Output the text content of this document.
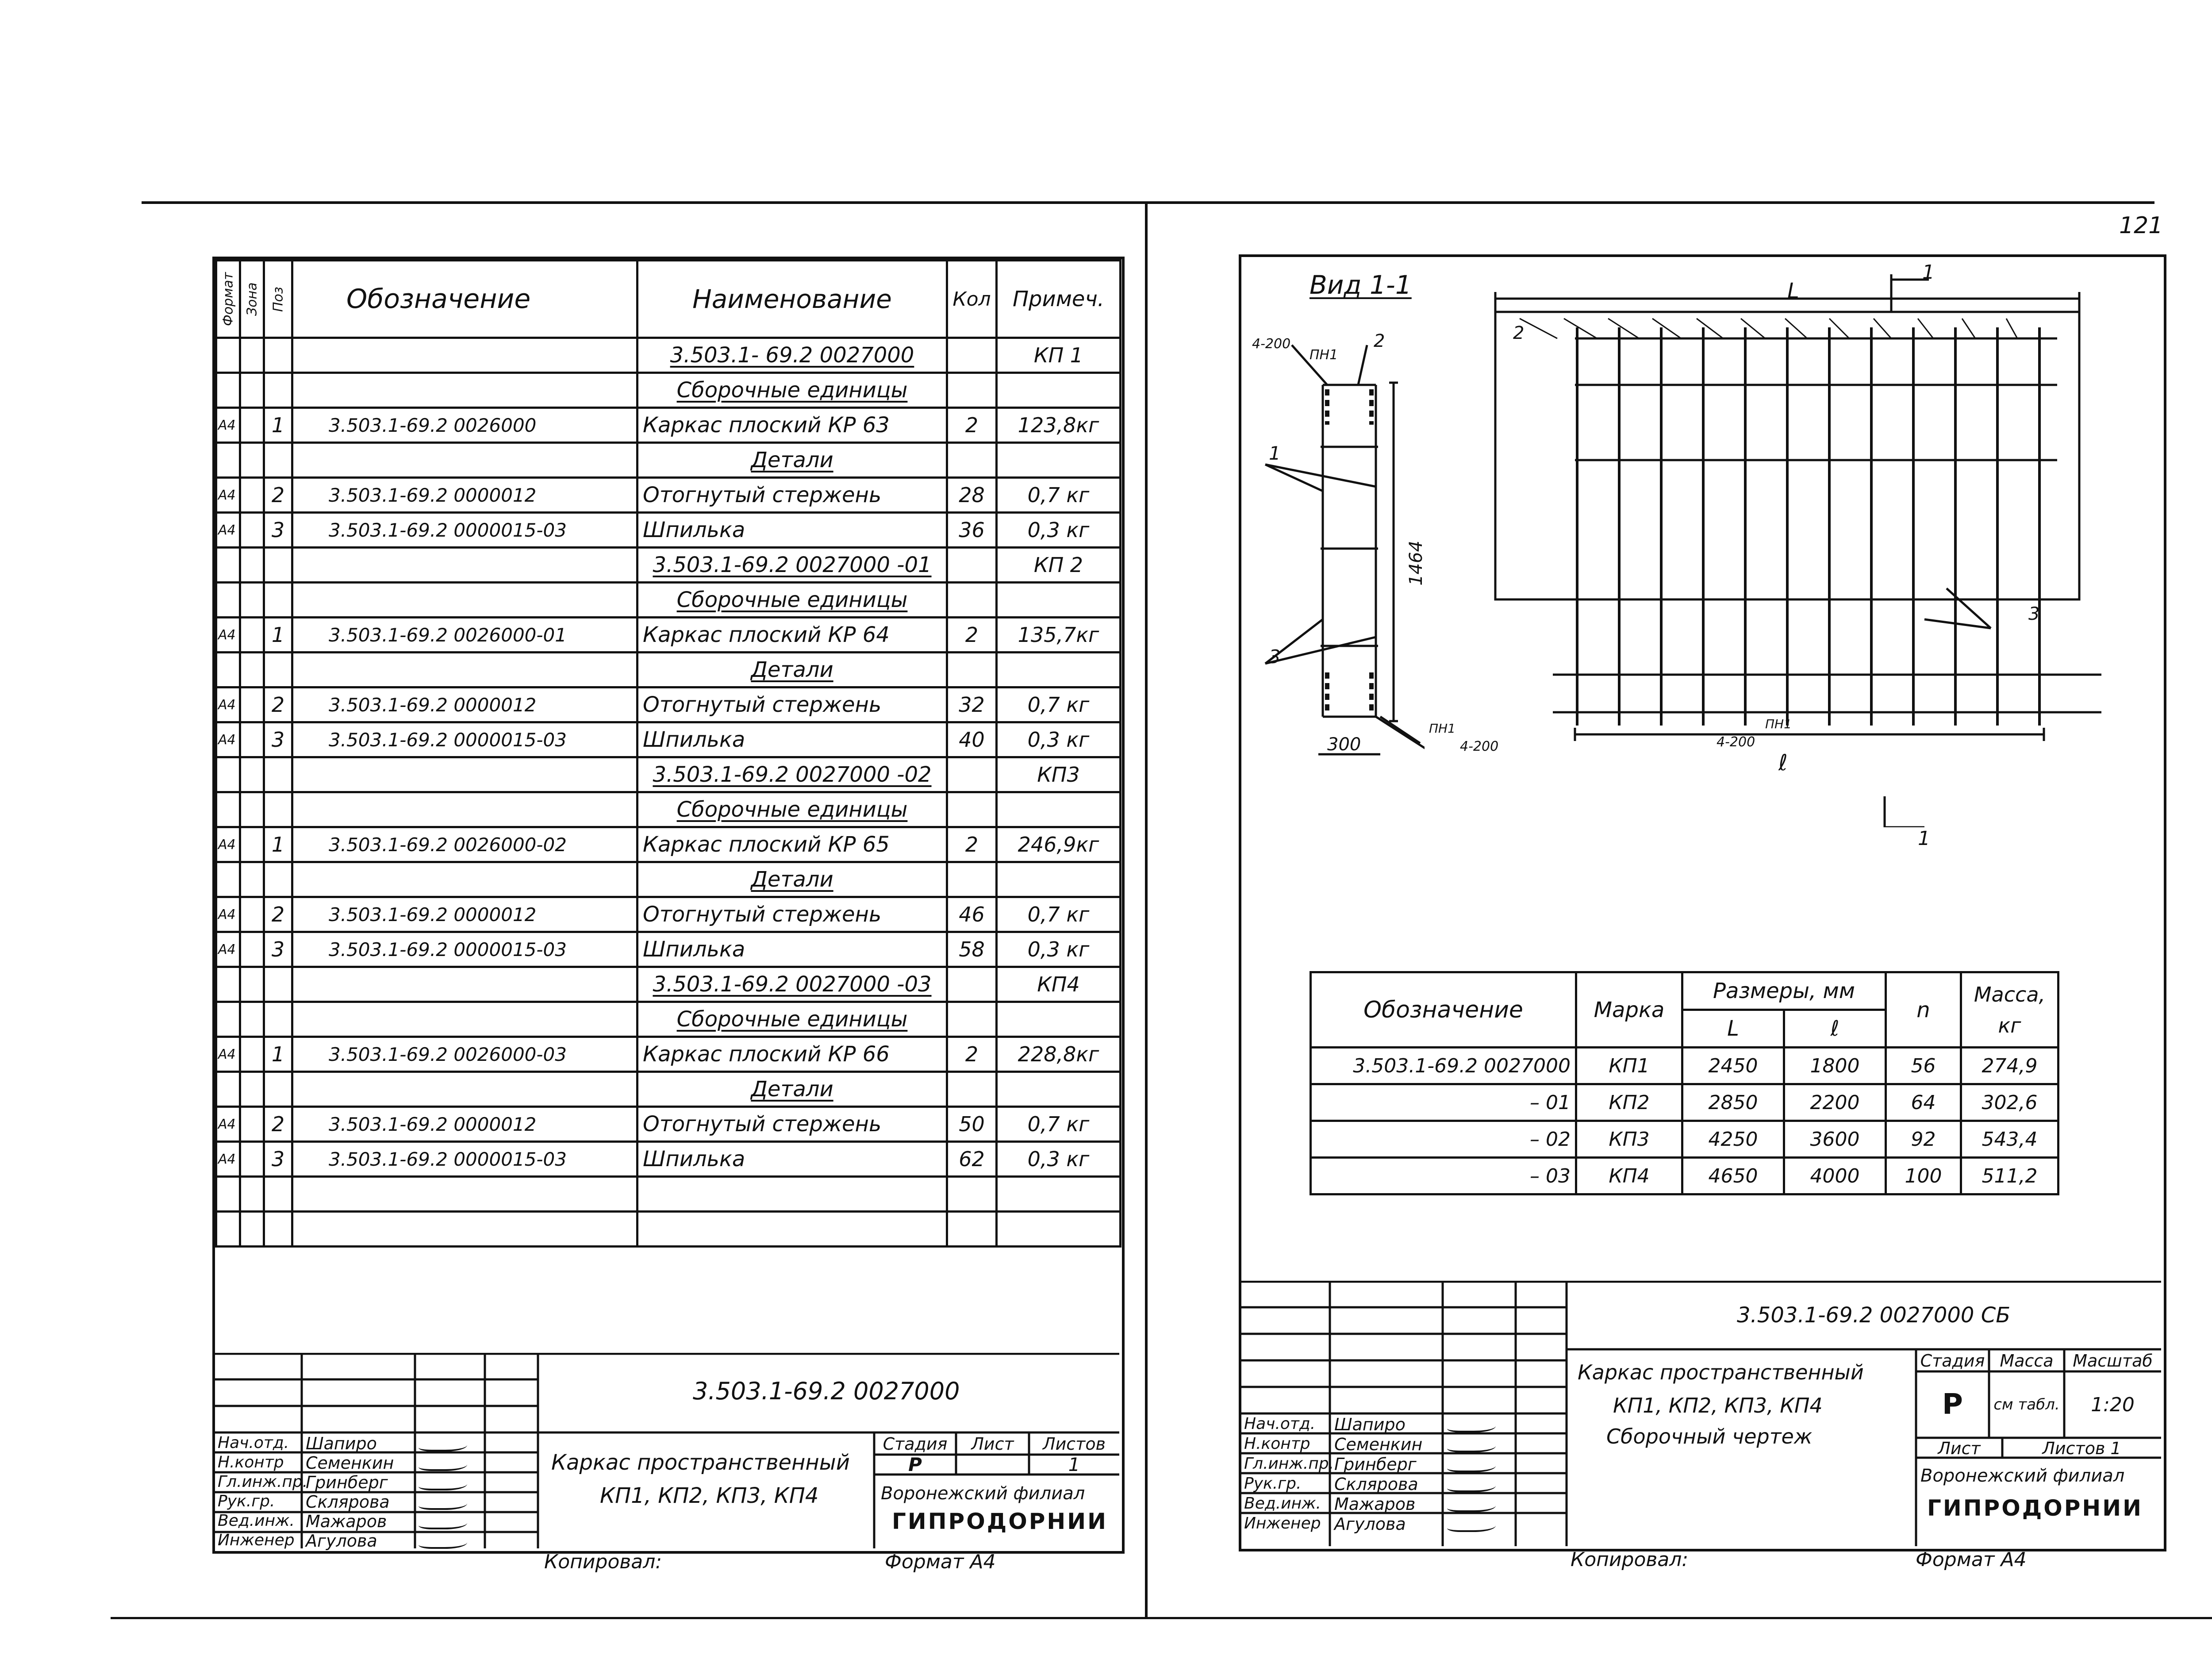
121
Формат	Зона	Поз	Обозначение	Наименование	Кол	Примеч.
				3.503.1- 69.2 0027000		КП 1
				Сборочные единицы		
А4		1	3.503.1-69.2 0026000	Каркас плоский КР 63	2	123,8кг
				Детали		
А4		2	3.503.1-69.2 0000012	Отогнутый стержень	28	0,7 кг
А4		3	3.503.1-69.2 0000015-03	Шпилька	36	0,3 кг
				3.503.1-69.2 0027000 -01		КП 2
				Сборочные единицы		
А4		1	3.503.1-69.2 0026000-01	Каркас плоский КР 64	2	135,7кг
				Детали		
А4		2	3.503.1-69.2 0000012	Отогнутый стержень	32	0,7 кг
А4		3	3.503.1-69.2 0000015-03	Шпилька	40	0,3 кг
				3.503.1-69.2 0027000 -02		КП3
				Сборочные единицы		
А4		1	3.503.1-69.2 0026000-02	Каркас плоский КР 65	2	246,9кг
				Детали		
А4		2	3.503.1-69.2 0000012	Отогнутый стержень	46	0,7 кг
А4		3	3.503.1-69.2 0000015-03	Шпилька	58	0,3 кг
				3.503.1-69.2 0027000 -03		КП4
				Сборочные единицы		
А4		1	3.503.1-69.2 0026000-03	Каркас плоский КР 66	2	228,8кг
				Детали		
А4		2	3.503.1-69.2 0000012	Отогнутый стержень	50	0,7 кг
А4		3	3.503.1-69.2 0000015-03	Шпилька	62	0,3 кг

3.503.1-69.2 0027000
Каркас пространственный
КП1, КП2, КП3, КП4
Стадия	Лист	Листов
Р	1
Воронежский филиал
ГИПРОДОРНИИ
Нач.отд. Шапиро
Н.контр Семенкин
Гл.инж.пр.
Гринберг
Рук.гр. Склярова
Вед.инж. Мажаров
Инженер Агулова
Копировал:	Формат А4
Вид 1-1
4-200
ПН1
2
1
3
1464
300	4-200
ПН1
L
1
2
3
4-200
ПН1
ℓ
1
Обозначение	Марка	Размеры, мм		n	Масса, кг
		L	ℓ		
3.503.1-69.2 0027000	КП1	2450	1800	56	274,9
– 01	КП2	2850	2200	64	302,6
– 02	КП3	4250	3600	92	543,4
– 03	КП4	4650	4000	100	511,2
3.503.1-69.2 0027000 СБ
Каркас пространственный
КП1, КП2, КП3, КП4
Сборочный чертеж
Стадия Масса	Масштаб
Р	см табл.	1:20
Лист	Листов 1
Воронежский филиал
ГИПРОДОРНИИ
Нач.отд. Шапиро
Н.контр Семенкин
Гл.инж.пр. Гринберг
Рук.гр. Склярова
Вед.инж. Мажаров
Инженер Агулова
Копировал:	Формат А4
